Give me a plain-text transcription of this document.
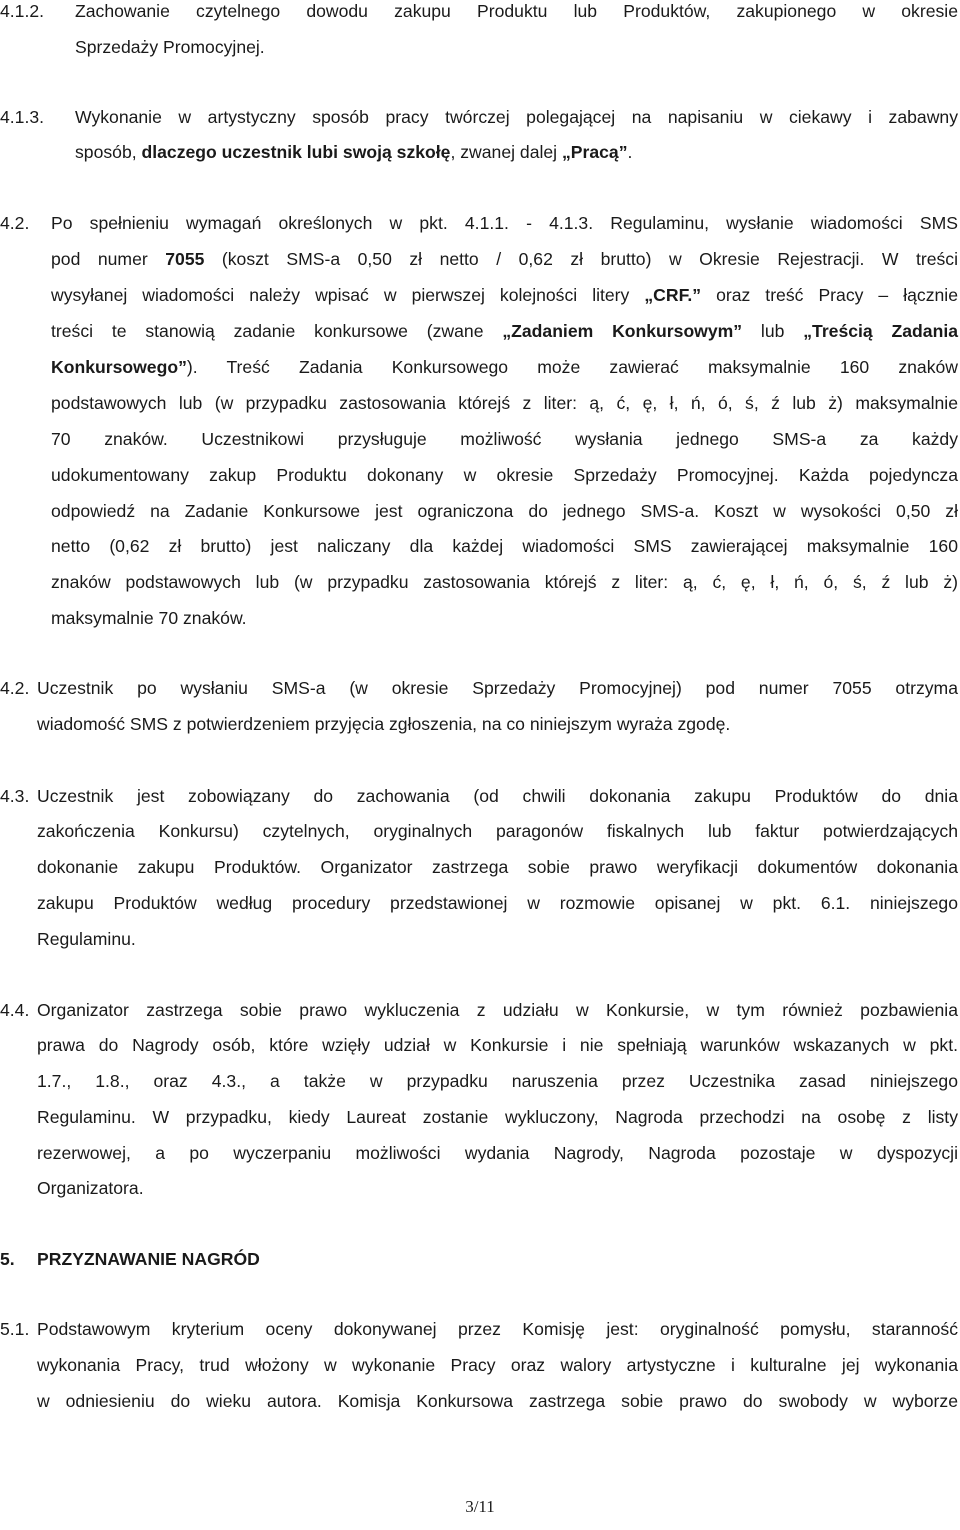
4.1.2. Zachowanie czytelnego dowodu zakupu Produktu lub Produktów, zakupionego w okresie
Sprzedaży Promocyjnej.
4.1.3. Wykonanie w artystyczny sposób pracy twórczej polegającej na napisaniu w ciekawy i zabawny
sposób, dlaczego uczestnik lubi swoją szkołę, zwanej dalej „Pracą”.
4.2. Po spełnieniu wymagań określonych w pkt. 4.1.1. - 4.1.3. Regulaminu, wysłanie wiadomości SMS
pod numer 7055 (koszt SMS-a 0,50 zł netto / 0,62 zł brutto) w Okresie Rejestracji. W treści
wysyłanej wiadomości należy wpisać w pierwszej kolejności litery „CRF.” oraz treść Pracy – łącznie
treści te stanowią zadanie konkursowe (zwane „Zadaniem Konkursowym” lub „Treścią Zadania
Konkursowego”). Treść Zadania Konkursowego może zawierać maksymalnie 160 znaków
podstawowych lub (w przypadku zastosowania którejś z liter: ą, ć, ę, ł, ń, ó, ś, ź lub ż) maksymalnie
70 znaków. Uczestnikowi przysługuje możliwość wysłania jednego SMS-a za każdy
udokumentowany zakup Produktu dokonany w okresie Sprzedaży Promocyjnej. Każda pojedyncza
odpowiedź na Zadanie Konkursowe jest ograniczona do jednego SMS-a. Koszt w wysokości 0,50 zł
netto (0,62 zł brutto) jest naliczany dla każdej wiadomości SMS zawierającej maksymalnie 160
znaków podstawowych lub (w przypadku zastosowania którejś z liter: ą, ć, ę, ł, ń, ó, ś, ź lub ż)
maksymalnie 70 znaków.
4.2. Uczestnik po wysłaniu SMS-a (w okresie Sprzedaży Promocyjnej) pod numer 7055 otrzyma
wiadomość SMS z potwierdzeniem przyjęcia zgłoszenia, na co niniejszym wyraża zgodę.
4.3. Uczestnik jest zobowiązany do zachowania (od chwili dokonania zakupu Produktów do dnia
zakończenia Konkursu) czytelnych, oryginalnych paragonów fiskalnych lub faktur potwierdzających
dokonanie zakupu Produktów. Organizator zastrzega sobie prawo weryfikacji dokumentów dokonania
zakupu Produktów według procedury przedstawionej w rozmowie opisanej w pkt. 6.1. niniejszego
Regulaminu.
4.4. Organizator zastrzega sobie prawo wykluczenia z udziału w Konkursie, w tym również pozbawienia
prawa do Nagrody osób, które wzięły udział w Konkursie i nie spełniają warunków wskazanych w pkt.
1.7., 1.8., oraz 4.3., a także w przypadku naruszenia przez Uczestnika zasad niniejszego
Regulaminu. W przypadku, kiedy Laureat zostanie wykluczony, Nagroda przechodzi na osobę z listy
rezerwowej, a po wyczerpaniu możliwości wydania Nagrody, Nagroda pozostaje w dyspozycji
Organizatora.
5. PRZYZNAWANIE NAGRÓD
5.1. Podstawowym kryterium oceny dokonywanej przez Komisję jest: oryginalność pomysłu, staranność
wykonania Pracy, trud włożony w wykonanie Pracy oraz walory artystyczne i kulturalne jej wykonania
w odniesieniu do wieku autora. Komisja Konkursowa zastrzega sobie prawo do swobody w wyborze
3/11
